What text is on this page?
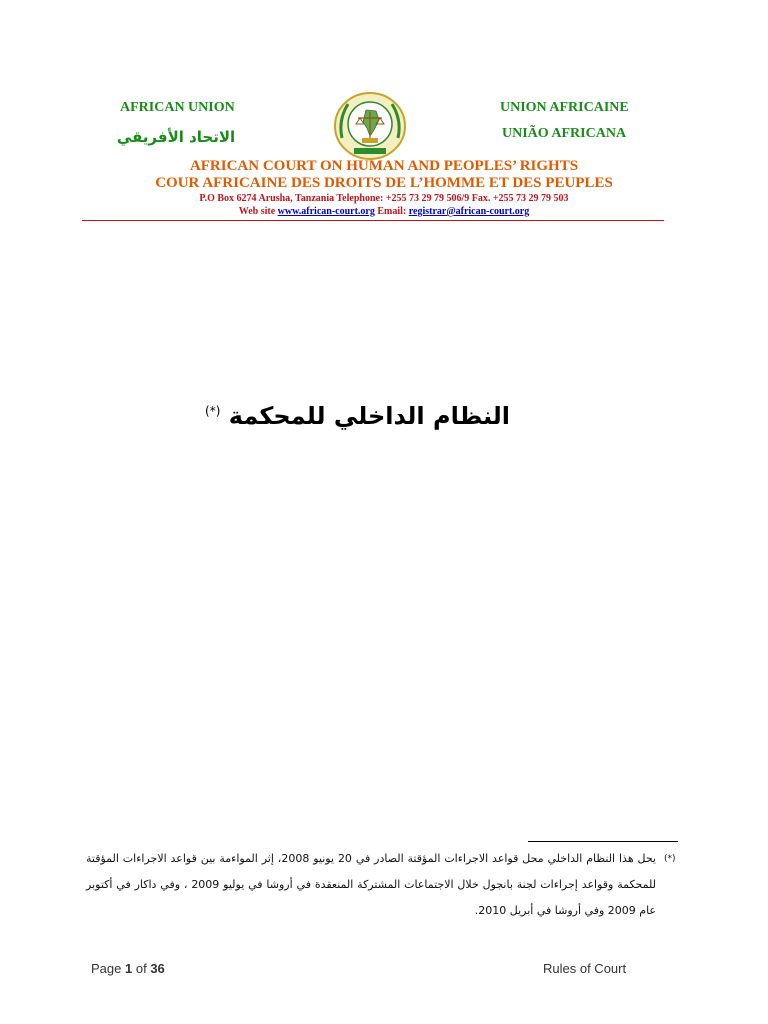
AFRICAN UNION
الاتحاد الأفريقي
UNION AFRICAINE
UNIÃO AFRICANA
AFRICAN COURT ON HUMAN AND PEOPLES’ RIGHTS
COUR AFRICAINE DES DROITS DE L’HOMME ET DES PEUPLES
P.O Box 6274 Arusha, Tanzania Telephone: +255 73 29 79 506/9 Fax. +255 73 29 79 503
Web site www.african-court.org Email: registrar@african-court.org
النظام الداخلي للمحكمة (*)
(*)
يحل هذا النظام الداخلي محل قواعد الاجراءات المؤقتة الصادر في 20 يونيو 2008، إثر المواءمة بين قواعد الاجراءات المؤقتة للمحكمة وقواعد إجراءات لجنة بانجول خلال الاجتماعات المشتركة المنعقدة في أروشا في يوليو 2009 ، وفي داكار في أكتوبر عام 2009 وفي أروشا في أبريل 2010.
Page 1 of 36	Rules of Court
